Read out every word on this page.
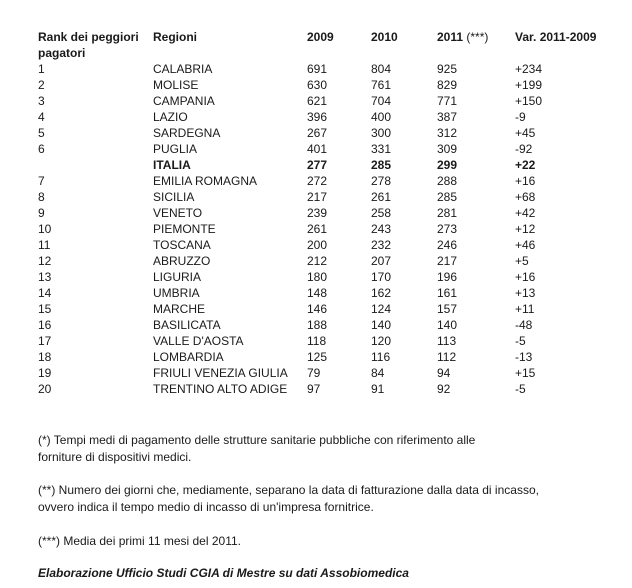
Rank dei peggiori	Regioni	2009	2010	2011 (***)	Var. 2011-2009
pagatori					
1	CALABRIA	691	804	925	+234
2	MOLISE	630	761	829	+199
3	CAMPANIA	621	704	771	+150
4	LAZIO	396	400	387	-9
5	SARDEGNA	267	300	312	+45
6	PUGLIA	401	331	309	-92
	ITALIA	277	285	299	+22
7	EMILIA ROMAGNA	272	278	288	+16
8	SICILIA	217	261	285	+68
9	VENETO	239	258	281	+42
10	PIEMONTE	261	243	273	+12
11	TOSCANA	200	232	246	+46
12	ABRUZZO	212	207	217	+5
13	LIGURIA	180	170	196	+16
14	UMBRIA	148	162	161	+13
15	MARCHE	146	124	157	+11
16	BASILICATA	188	140	140	-48
17	VALLE D'AOSTA	118	120	113	-5
18	LOMBARDIA	125	116	112	-13
19	FRIULI VENEZIA GIULIA	79	84	94	+15
20	TRENTINO ALTO ADIGE	97	91	92	-5
(*) Tempi medi di pagamento delle strutture sanitarie pubbliche con riferimento alle
forniture di dispositivi medici.
(**) Numero dei giorni che, mediamente, separano la data di fatturazione dalla data di incasso,
ovvero indica il tempo medio di incasso di un'impresa fornitrice.
(***) Media dei primi 11 mesi del 2011.
Elaborazione Ufficio Studi CGIA di Mestre su dati Assobiomedica
